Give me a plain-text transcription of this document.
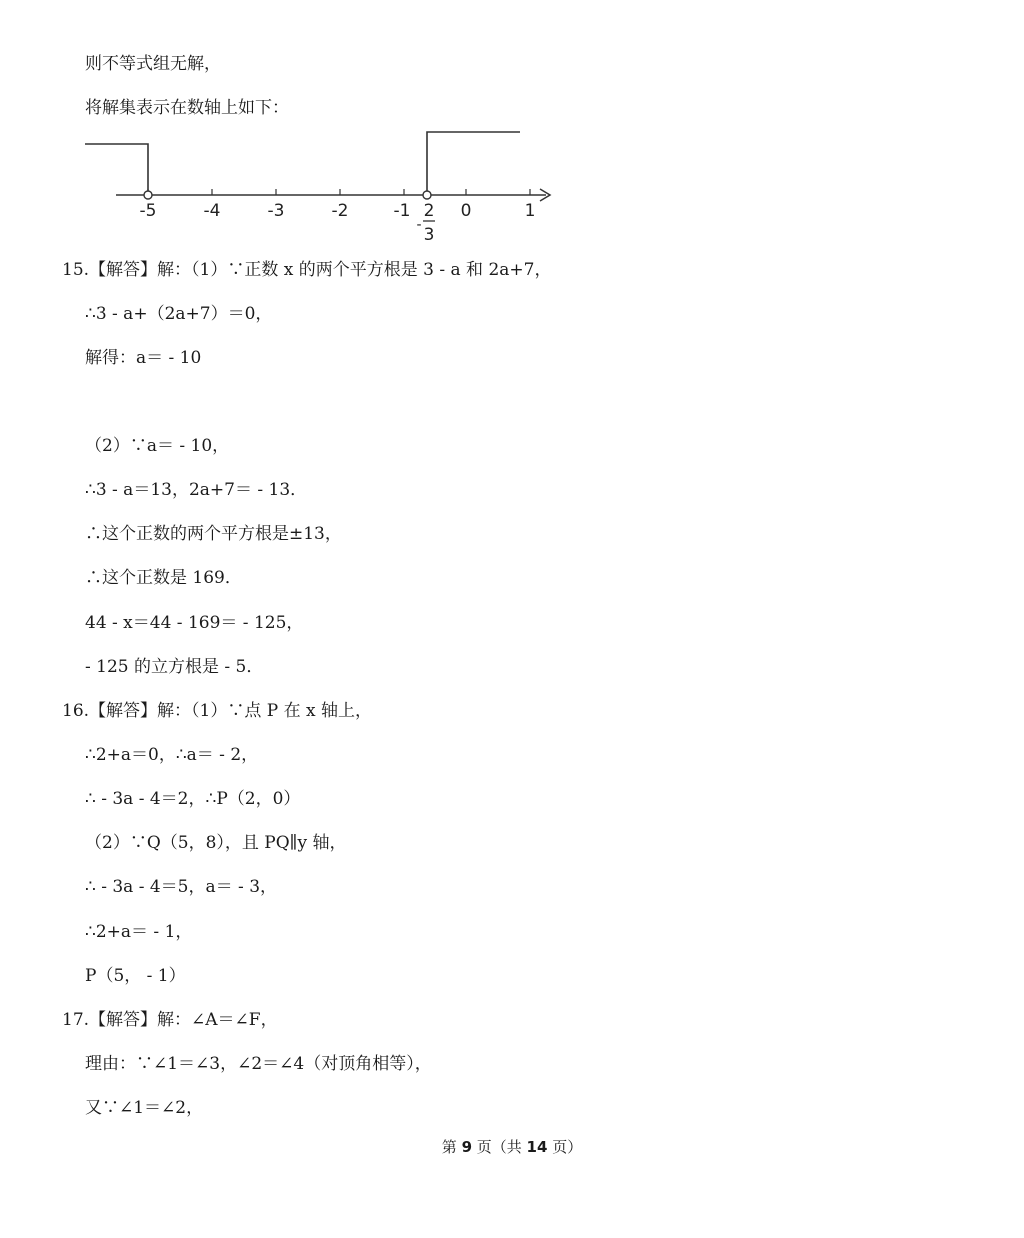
则不等式组无解，
将解集表示在数轴上如下：
-5	-4	-3	-2	-1	0	1
2
- 3
15.【解答】解：（1）∵正数 x 的两个平方根是 3 - a 和 2a+7，
∴3 - a+（2a+7）＝0，
解得：a＝ - 10
（2）∵a＝ - 10，
∴3 - a＝13，2a+7＝ - 13．
∴这个正数的两个平方根是±13，
∴这个正数是 169．
44 - x＝44 - 169＝ - 125，
- 125 的立方根是 - 5．
16.【解答】解：（1）∵点 P 在 x 轴上，
∴2+a＝0，∴a＝ - 2，
∴ - 3a - 4＝2，∴P（2，0）
（2）∵Q（5，8），且 PQ∥y 轴，
∴ - 3a - 4＝5，a＝ - 3，
∴2+a＝ - 1，
P（5， - 1）
17.【解答】解：∠A＝∠F，
理由：∵∠1＝∠3，∠2＝∠4（对顶角相等），
又∵∠1＝∠2，
第 9 页（共 14 页）
